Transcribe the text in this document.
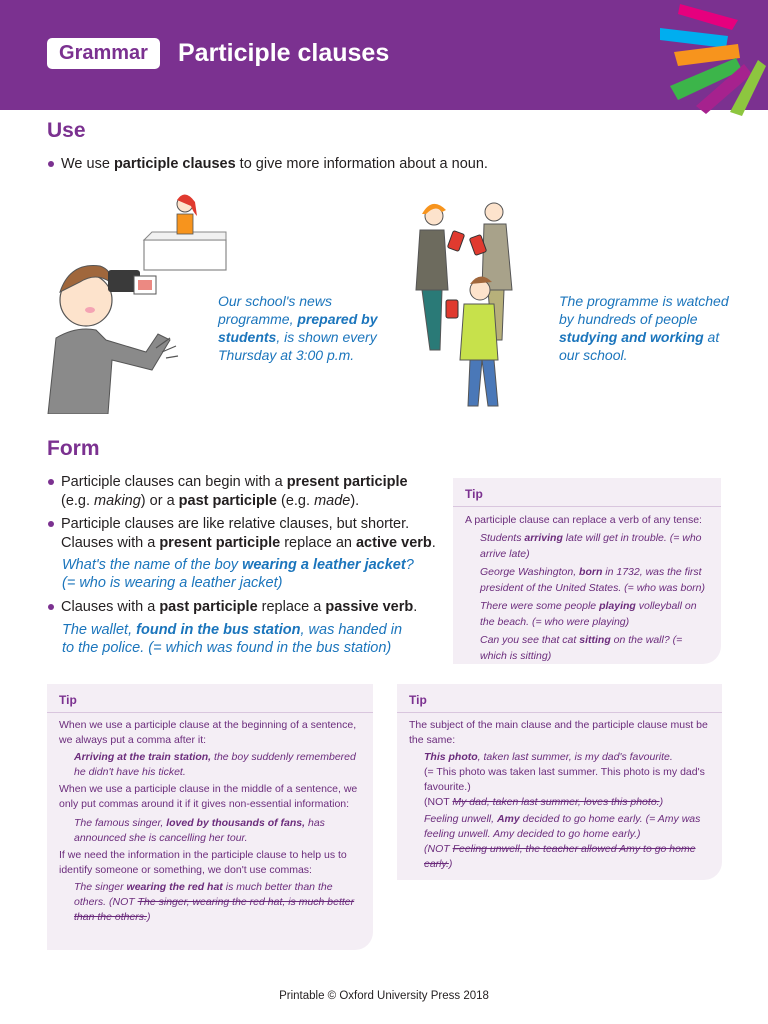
Grammar	Participle clauses
Use
We use participle clauses to give more information about a noun.
Our school's news programme, prepared by students, is shown every Thursday at 3:00 p.m.
The programme is watched by hundreds of people studying and working at our school.
Form
Participle clauses can begin with a present participle (e.g. making) or a past participle (e.g. made).
Participle clauses are like relative clauses, but shorter. Clauses with a present participle replace an active verb.
What's the name of the boy wearing a leather jacket?
(= who is wearing a leather jacket)
Clauses with a past participle replace a passive verb.
The wallet, found in the bus station, was handed in to the police. (= which was found in the bus station)
Tip

A participle clause can replace a verb of any tense:

Students arriving late will get in trouble. (= who arrive late)

George Washington, born in 1732, was the first president of the United States. (= who was born)

There were some people playing volleyball on the beach. (= who were playing)

Can you see that cat sitting on the wall? (= which is sitting)

Tip

When we use a participle clause at the beginning of a sentence, we always put a comma after it:

Arriving at the train station, the boy suddenly remembered he didn't have his ticket.

When we use a participle clause in the middle of a sentence, we only put commas around it if it gives non-essential information:

The famous singer, loved by thousands of fans, has announced she is cancelling her tour.

If we need the information in the participle clause to help us to identify someone or something, we don't use commas:

The singer wearing the red hat is much better than the others. (NOT The singer, wearing the red hat, is much better than the others.)

Tip

The subject of the main clause and the participle clause must be the same:

This photo, taken last summer, is my dad's favourite.
(= This photo was taken last summer. This photo is my dad's favourite.)
(NOT My dad, taken last summer, loves this photo.)

Feeling unwell, Amy decided to go home early. (= Amy was feeling unwell. Amy decided to go home early.)
(NOT Feeling unwell, the teacher allowed Amy to go home early.)

Printable © Oxford University Press 2018
